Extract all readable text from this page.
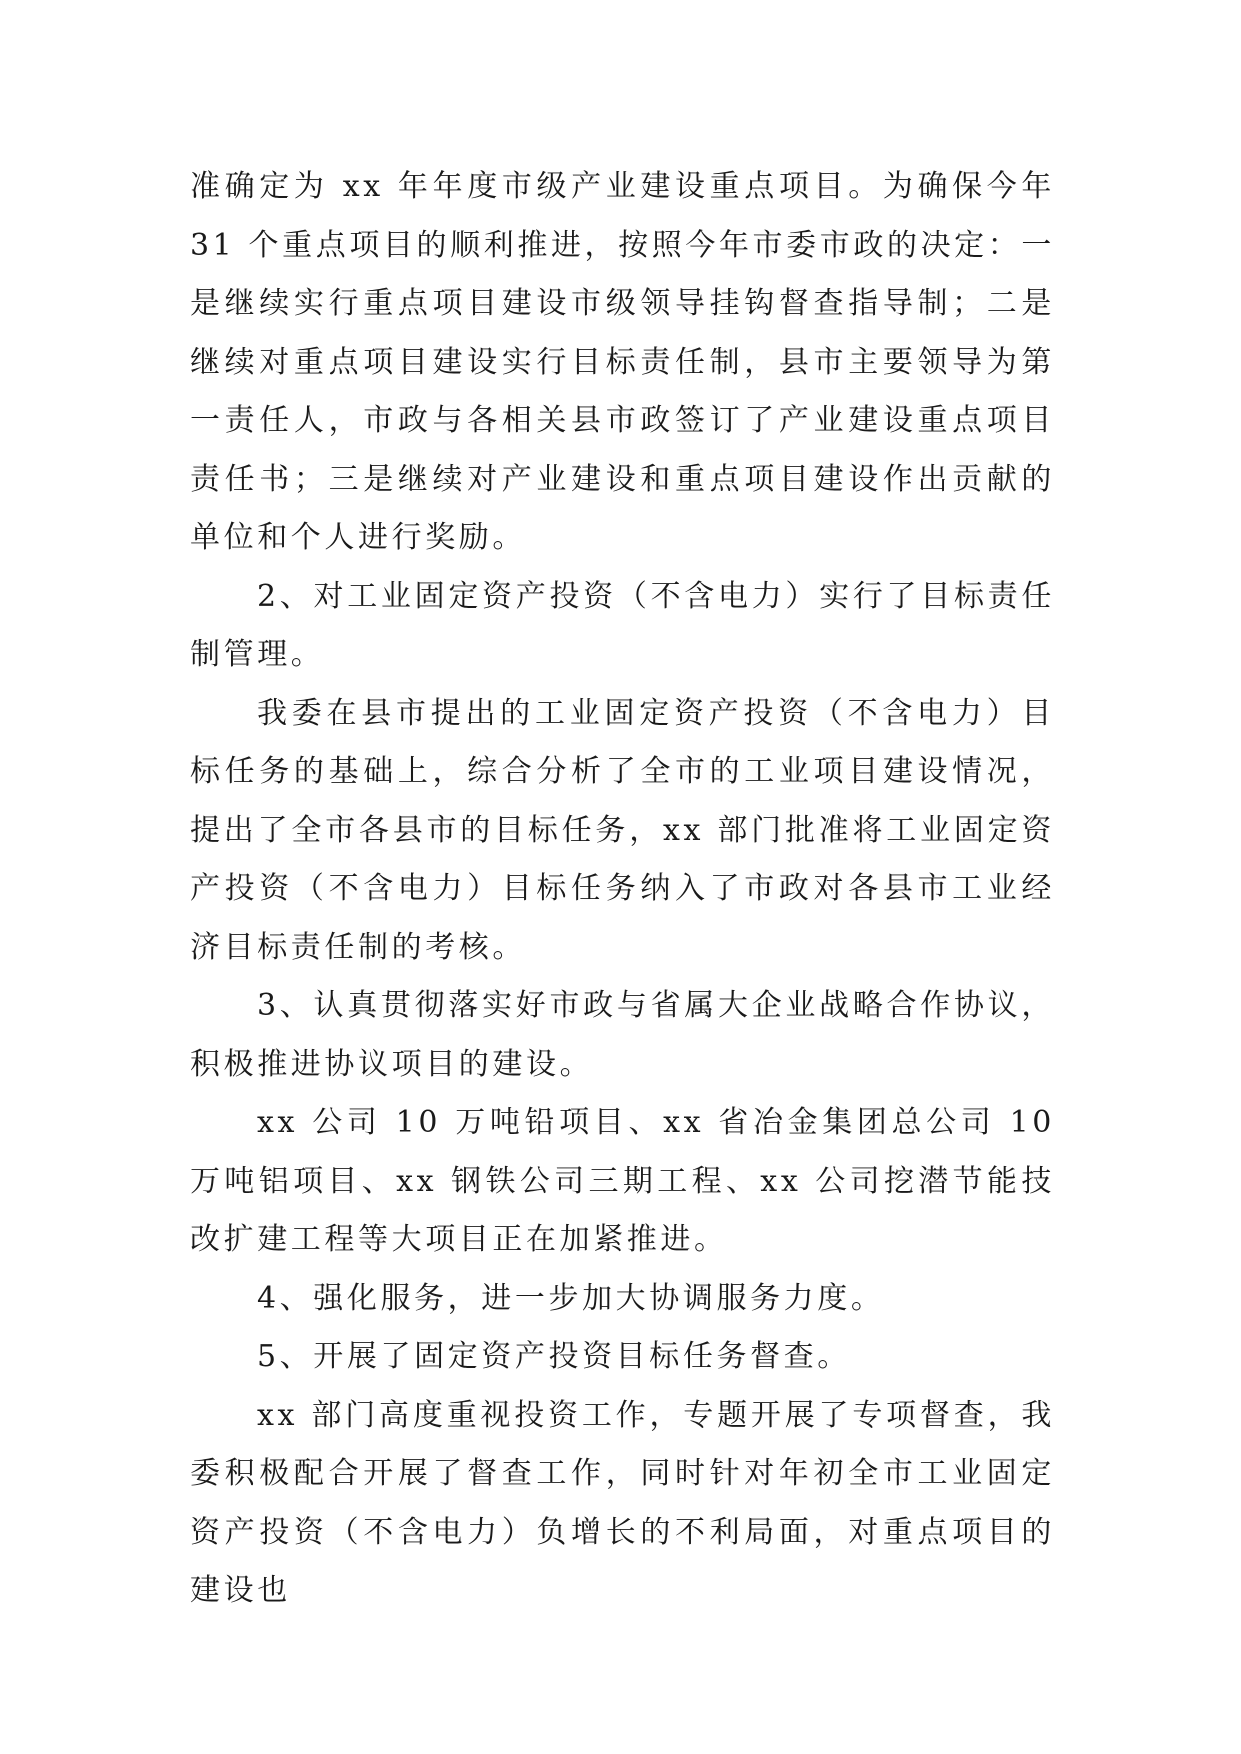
准确定为 xx 年年度市级产业建设重点项目。为确保今年 31 个重点项目的顺利推进，按照今年市委市政的决定：一是继续实行重点项目建设市级领导挂钩督查指导制；二是继续对重点项目建设实行目标责任制，县市主要领导为第一责任人，市政与各相关县市政签订了产业建设重点项目责任书；三是继续对产业建设和重点项目建设作出贡献的单位和个人进行奖励。

2、对工业固定资产投资（不含电力）实行了目标责任制管理。

我委在县市提出的工业固定资产投资（不含电力）目标任务的基础上，综合分析了全市的工业项目建设情况，提出了全市各县市的目标任务，xx 部门批准将工业固定资产投资（不含电力）目标任务纳入了市政对各县市工业经济目标责任制的考核。

3、认真贯彻落实好市政与省属大企业战略合作协议，积极推进协议项目的建设。

xx 公司 10 万吨铅项目、xx 省冶金集团总公司 10 万吨铝项目、xx 钢铁公司三期工程、xx 公司挖潜节能技改扩建工程等大项目正在加紧推进。

4、强化服务，进一步加大协调服务力度。

5、开展了固定资产投资目标任务督查。

xx 部门高度重视投资工作，专题开展了专项督查，我委积极配合开展了督查工作，同时针对年初全市工业固定资产投资（不含电力）负增长的不利局面，对重点项目的建设也
